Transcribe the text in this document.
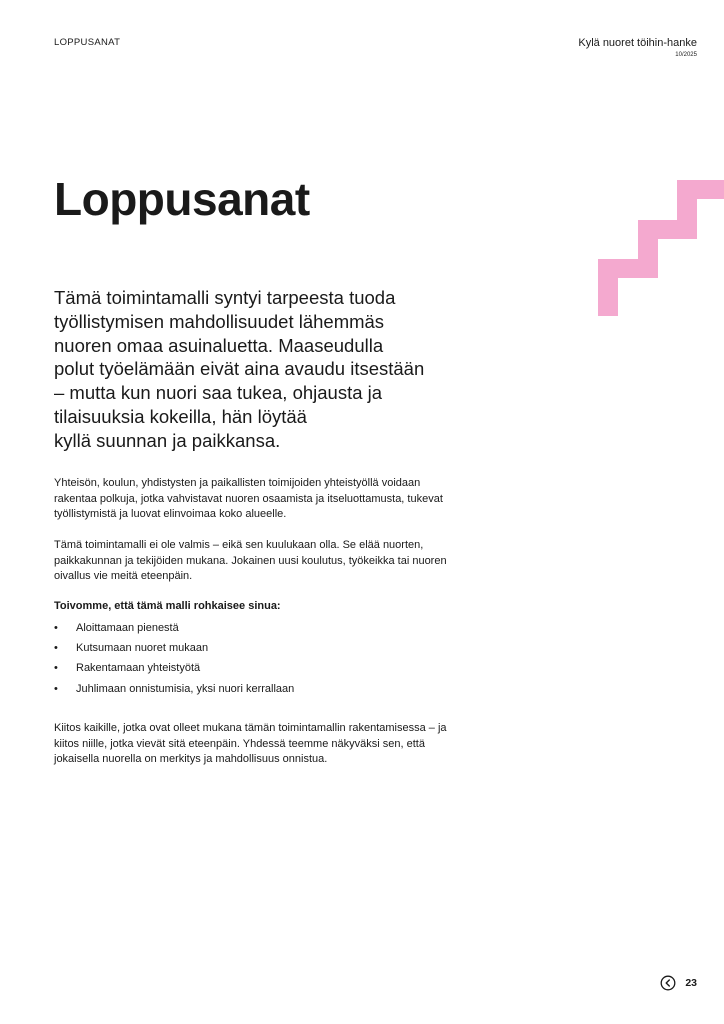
LOPPUSANAT	Kylä nuoret töihin-hanke
10/2025
Loppusanat

Tämä toimintamalli syntyi tarpeesta tuoda
työllistymisen mahdollisuudet lähemmäs
nuoren omaa asuinaluetta. Maaseudulla
polut työelämään eivät aina avaudu itsestään
– mutta kun nuori saa tukea, ohjausta ja
tilaisuuksia kokeilla, hän löytää
kyllä suunnan ja paikkansa.

Yhteisön, koulun, yhdistysten ja paikallisten toimijoiden yhteistyöllä voidaan rakentaa polkuja, jotka vahvistavat nuoren osaamista ja itseluottamusta, tukevat työllistymistä ja luovat elinvoimaa koko alueelle.

Tämä toimintamalli ei ole valmis – eikä sen kuulukaan olla. Se elää nuorten, paikkakunnan ja tekijöiden mukana. Jokainen uusi koulutus, työkeikka tai nuoren oivallus vie meitä eteenpäin.

Toivomme, että tämä malli rohkaisee sinua:

•	Aloittamaan pienestä
•	Kutsumaan nuoret mukaan
•	Rakentamaan yhteistyötä
•	Juhlimaan onnistumisia, yksi nuori kerrallaan

Kiitos kaikille, jotka ovat olleet mukana tämän toimintamallin rakentamisessa – ja kiitos niille, jotka vievät sitä eteenpäin. Yhdessä teemme näkyväksi sen, että jokaisella nuorella on merkitys ja mahdollisuus onnistua.

23
